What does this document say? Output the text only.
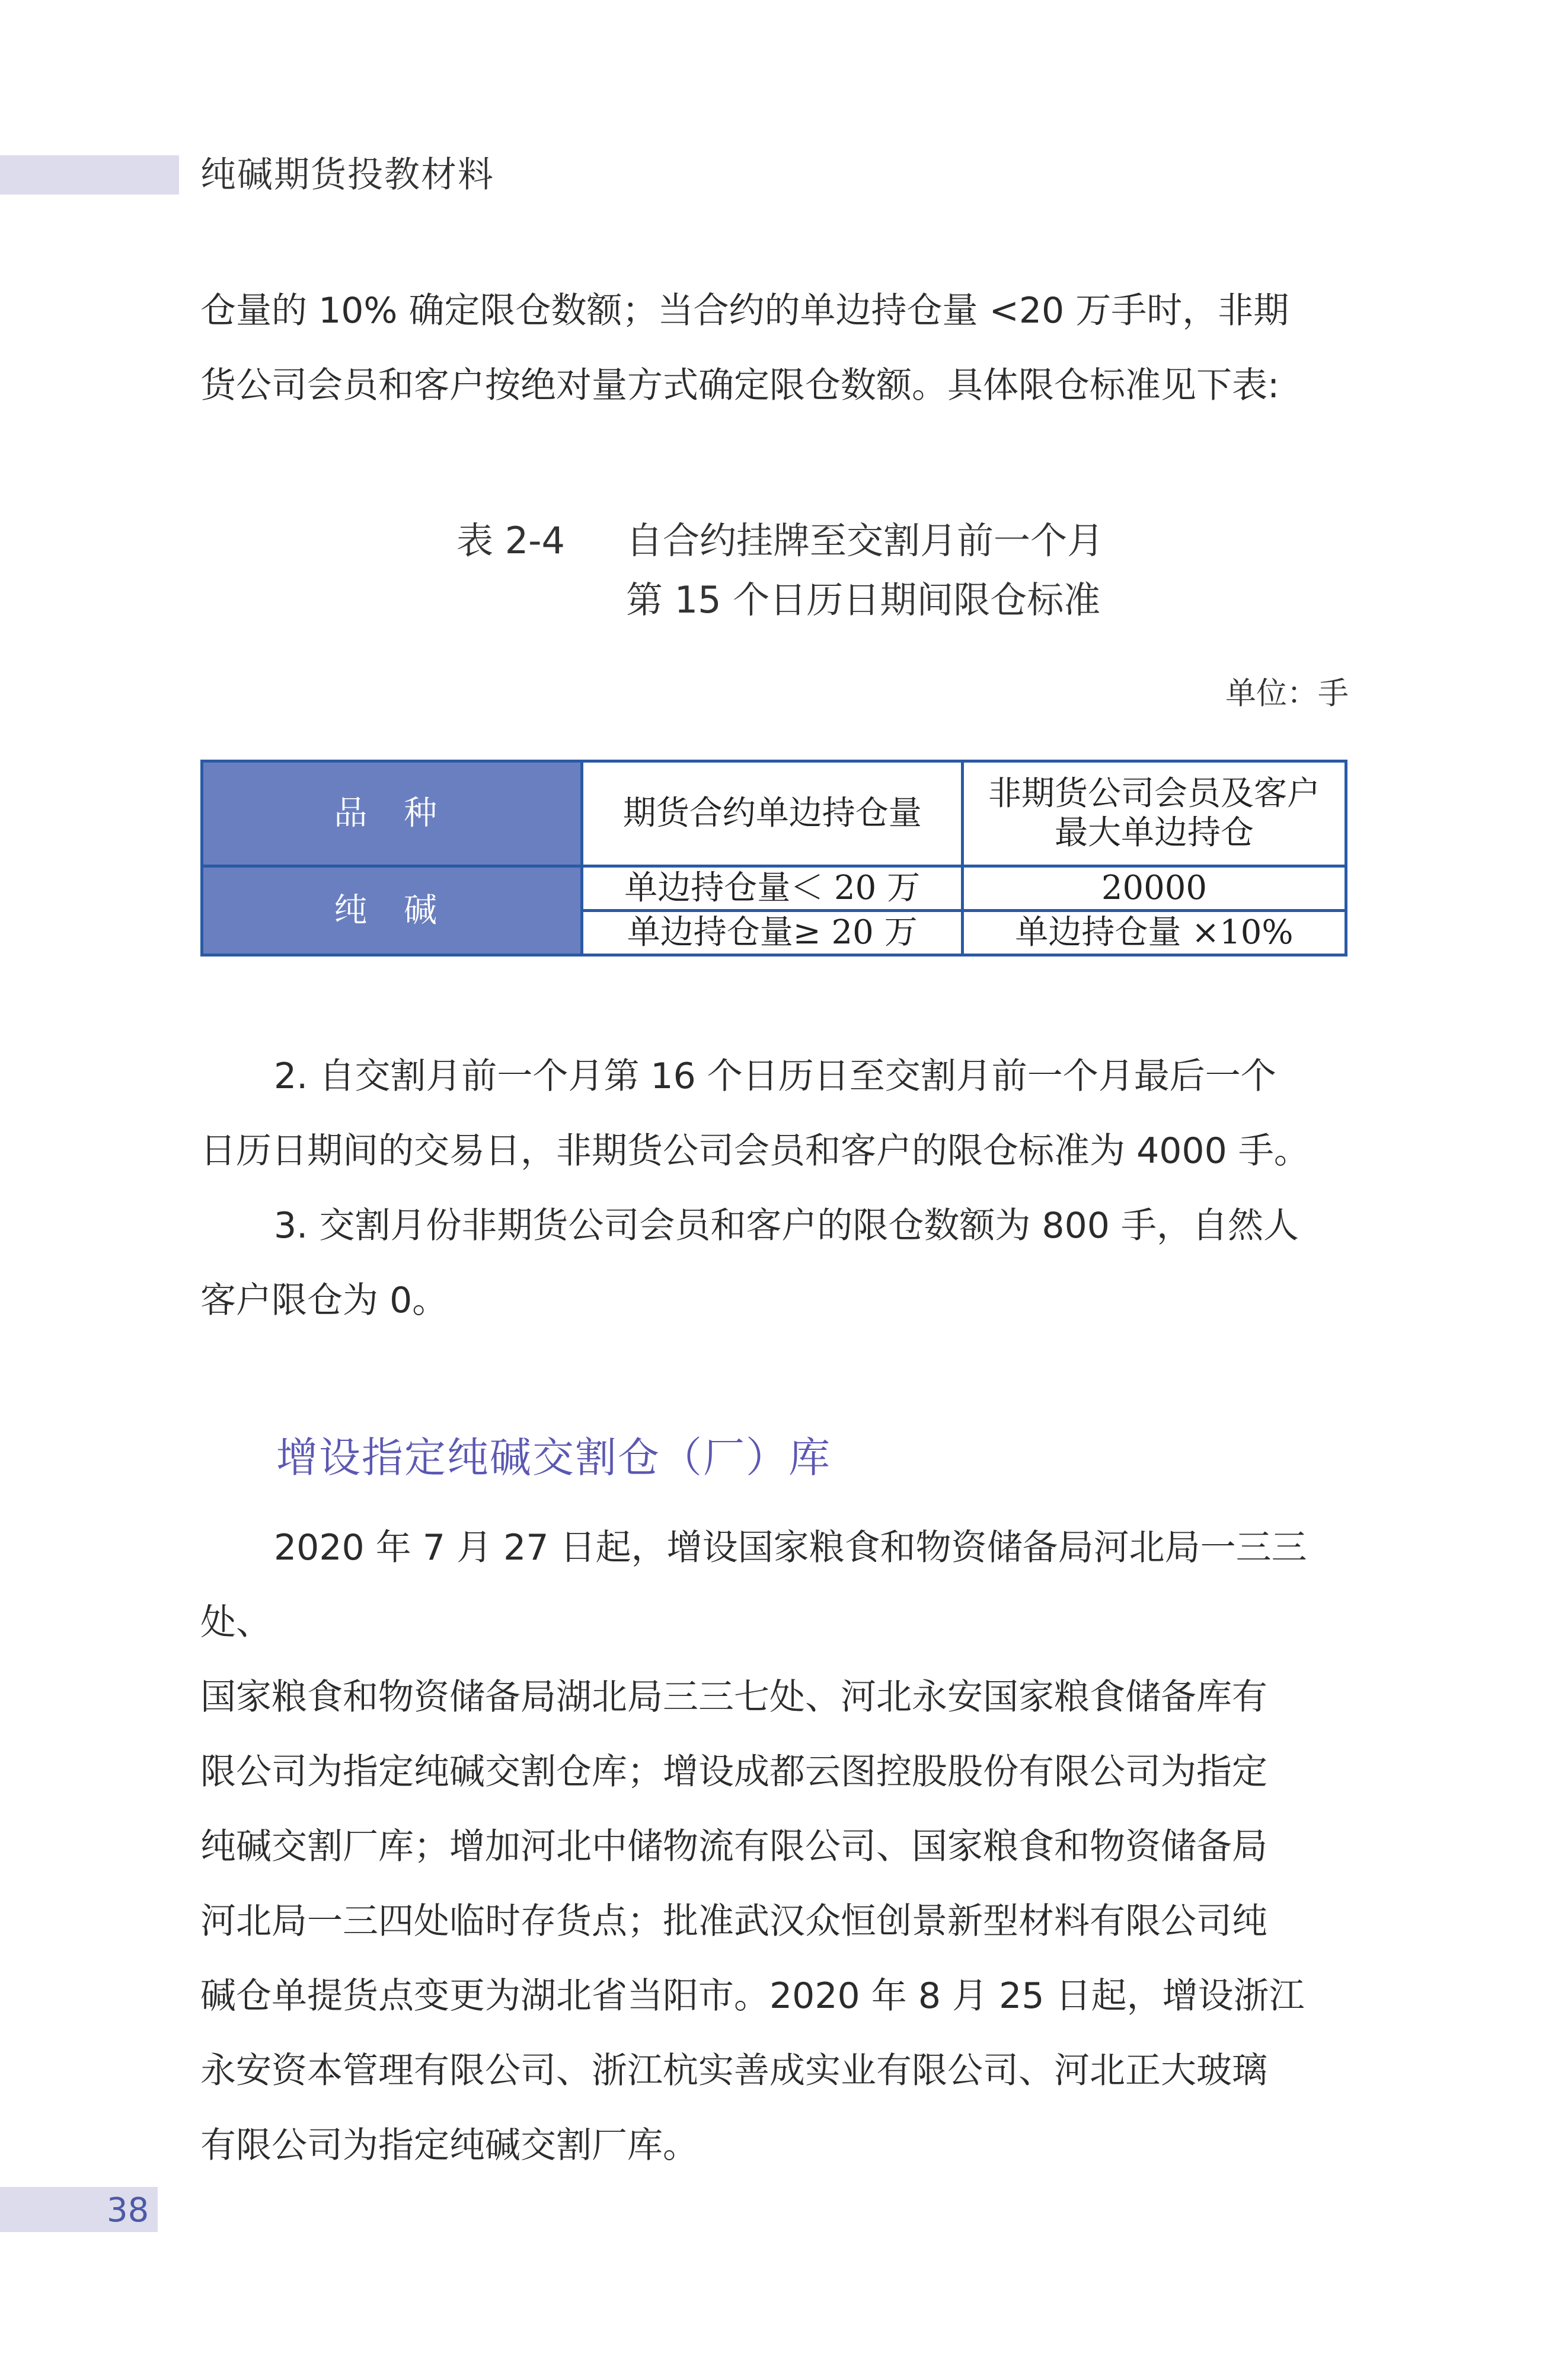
纯碱期货投教材料
仓量的 10% 确定限仓数额；当合约的单边持仓量 <20 万手时，非期
货公司会员和客户按绝对量方式确定限仓数额。具体限仓标准见下表:
表 2-4 自合约挂牌至交割月前一个月
第 15 个日历日期间限仓标准
单位：手
品 种	期货合约单边持仓量	非期货公司会员及客户
最大单边持仓

纯 碱	单边持仓量＜ 20 万	20000
	单边持仓量≥ 20 万	单边持仓量 ×10%
2. 自交割月前一个月第 16 个日历日至交割月前一个月最后一个
日历日期间的交易日，非期货公司会员和客户的限仓标准为 4000 手。
3. 交割月份非期货公司会员和客户的限仓数额为 800 手，自然人
客户限仓为 0。
增设指定纯碱交割仓（厂）库
2020 年 7 月 27 日起，增设国家粮食和物资储备局河北局一三三处、
国家粮食和物资储备局湖北局三三七处、河北永安国家粮食储备库有
限公司为指定纯碱交割仓库；增设成都云图控股股份有限公司为指定
纯碱交割厂库；增加河北中储物流有限公司、国家粮食和物资储备局
河北局一三四处临时存货点；批准武汉众恒创景新型材料有限公司纯
碱仓单提货点变更为湖北省当阳市。2020 年 8 月 25 日起，增设浙江
永安资本管理有限公司、浙江杭实善成实业有限公司、河北正大玻璃
有限公司为指定纯碱交割厂库。
38
